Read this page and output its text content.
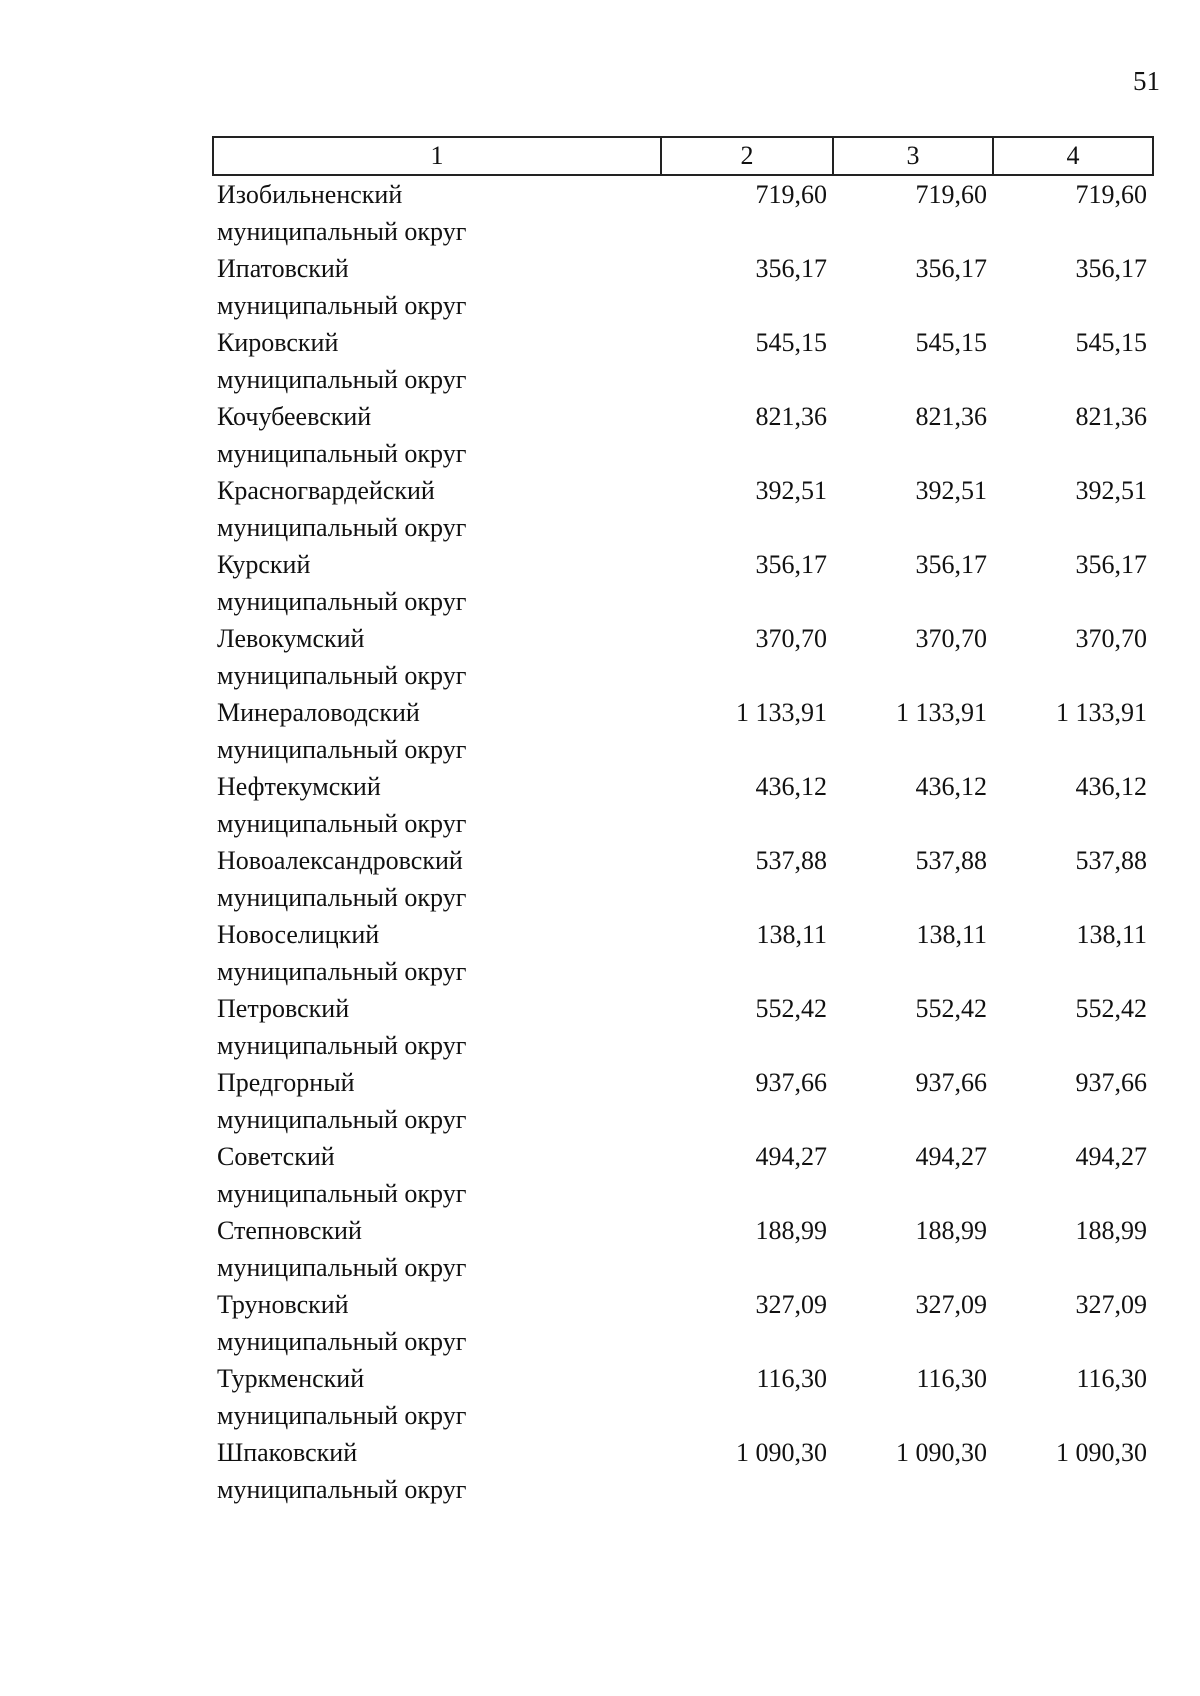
51
1	2	3	4

Изобильненский
муниципальный округ	719,60	719,60	719,60

Ипатовский
муниципальный округ	356,17	356,17	356,17

Кировский
муниципальный округ	545,15	545,15	545,15

Кочубеевский
муниципальный округ	821,36	821,36	821,36

Красногвардейский
муниципальный округ	392,51	392,51	392,51

Курский
муниципальный округ	356,17	356,17	356,17

Левокумский
муниципальный округ	370,70	370,70	370,70

Минераловодский
муниципальный округ	1 133,91	1 133,91	1 133,91

Нефтекумский
муниципальный округ	436,12	436,12	436,12

Новоалександровский
муниципальный округ	537,88	537,88	537,88

Новоселицкий
муниципальный округ	138,11	138,11	138,11

Петровский
муниципальный округ	552,42	552,42	552,42

Предгорный
муниципальный округ	937,66	937,66	937,66

Советский
муниципальный округ	494,27	494,27	494,27

Степновский
муниципальный округ	188,99	188,99	188,99

Труновский
муниципальный округ	327,09	327,09	327,09

Туркменский
муниципальный округ	116,30	116,30	116,30

Шпаковский
муниципальный округ	1 090,30	1 090,30	1 090,30
